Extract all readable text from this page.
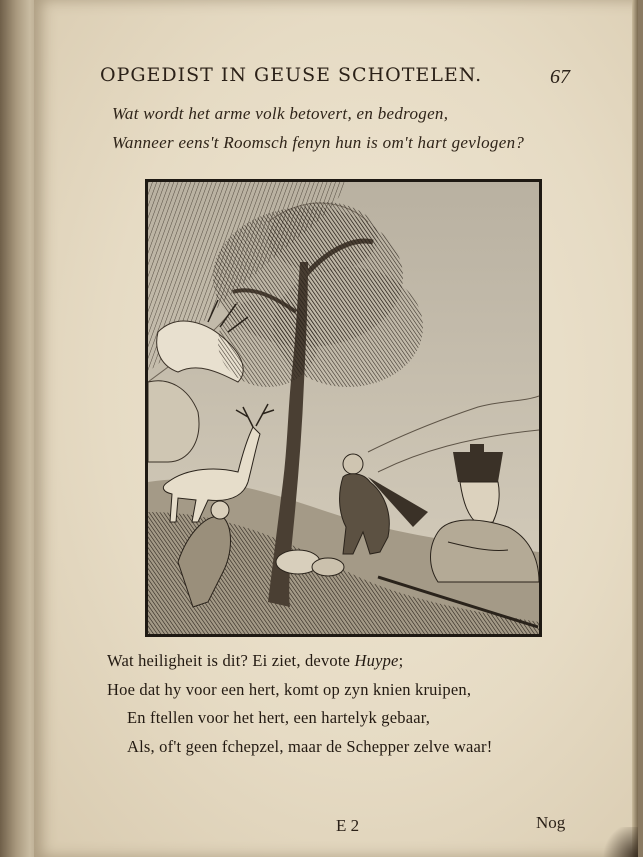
OPGEDIST IN GEUSE SCHOTELEN.	67
Wat wordt het arme volk betovert, en bedrogen,
Wanneer eens't Roomsch fenyn hun is om't hart gevlogen?
Wat heiligheit is dit? Ei ziet, devote Huype;
Hoe dat hy voor een hert, komt op zyn knien kruipen,
En ftellen voor het hert, een hartelyk gebaar,
Als, of't geen fchepzel, maar de Schepper zelve waar!
E 2	Nog
